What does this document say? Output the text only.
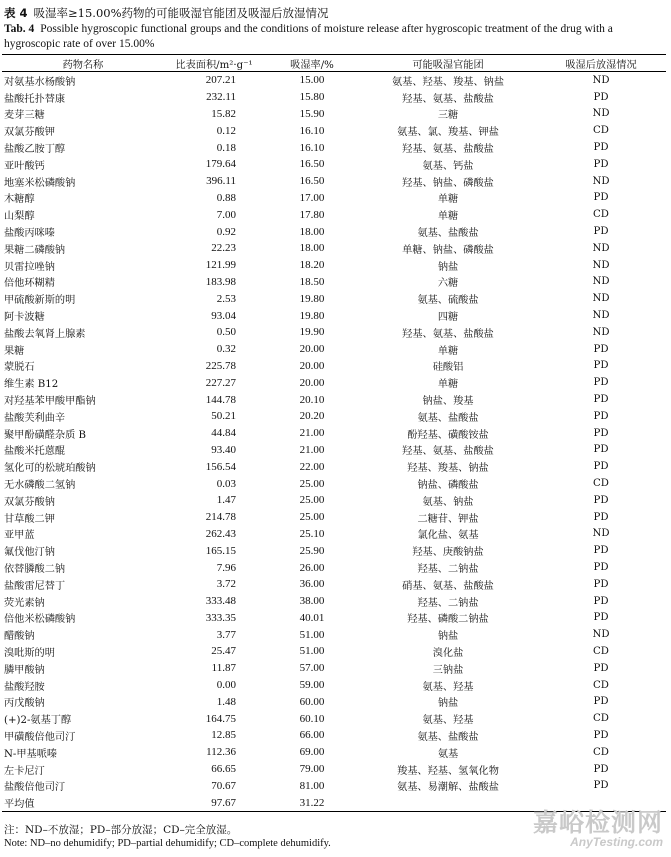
表 4 吸湿率≥15.00%药物的可能吸湿官能团及吸湿后放湿情况
Tab. 4 Possible hygroscopic functional groups and the conditions of moisture release after hygroscopic treatment of the drug with a hygroscopic rate of over 15.00%
药物名称	比表面积/m²·g⁻¹	吸湿率/%	可能吸湿官能团	吸湿后放湿情况
对氨基水杨酸钠	207.21	15.00	氨基、羟基、羧基、钠盐	ND
盐酸托扑替康	232.11	15.80	羟基、氨基、盐酸盐	PD
麦芽三糖	15.82	15.90	三糖	ND
双氯芬酸钾	0.12	16.10	氨基、氯、羧基、钾盐	CD
盐酸乙胺丁醇	0.18	16.10	羟基、氨基、盐酸盐	PD
亚叶酸钙	179.64	16.50	氨基、钙盐	PD
地塞米松磷酸钠	396.11	16.50	羟基、钠盐、磷酸盐	ND
木糖醇	0.88	17.00	单糖	PD
山梨醇	7.00	17.80	单糖	CD
盐酸丙咪嗪	0.92	18.00	氨基、盐酸盐	PD
果糖二磷酸钠	22.23	18.00	单糖、钠盐、磷酸盐	ND
贝雷拉唑钠	121.99	18.20	钠盐	ND
倍他环糊精	183.98	18.50	六糖	ND
甲硫酸新斯的明	2.53	19.80	氨基、硫酸盐	ND
阿卡波糖	93.04	19.80	四糖	ND
盐酸去氧肾上腺素	0.50	19.90	羟基、氨基、盐酸盐	ND
果糖	0.32	20.00	单糖	PD
蒙脱石	225.78	20.00	硅酸铝	PD
维生素 B12	227.27	20.00	单糖	PD
对羟基苯甲酸甲酯钠	144.78	20.10	钠盐、羧基	PD
盐酸芙利曲辛	50.21	20.20	氨基、盐酸盐	PD
聚甲酚磺醛杂质 B	44.84	21.00	酚羟基、磺酸铵盐	PD
盐酸米托蒽醌	93.40	21.00	羟基、氨基、盐酸盐	PD
氢化可的松琥珀酸钠	156.54	22.00	羟基、羧基、钠盐	PD
无水磷酸二氢钠	0.03	25.00	钠盐、磷酸盐	CD
双氯芬酸钠	1.47	25.00	氨基、钠盐	PD
甘草酸二钾	214.78	25.00	二糖苷、钾盐	PD
亚甲蓝	262.43	25.10	氯化盐、氨基	ND
氟伐他汀钠	165.15	25.90	羟基、庚酸钠盐	PD
依替膦酸二钠	7.96	26.00	羟基、二钠盐	PD
盐酸雷尼替丁	3.72	36.00	硝基、氨基、盐酸盐	PD
荧光素钠	333.48	38.00	羟基、二钠盐	PD
倍他米松磷酸钠	333.35	40.01	羟基、磷酸二钠盐	PD
醋酸钠	3.77	51.00	钠盐	ND
溴吡斯的明	25.47	51.00	溴化盐	CD
膦甲酸钠	11.87	57.00	三钠盐	PD
盐酸羟胺	0.00	59.00	氨基、羟基	CD
丙戊酸钠	1.48	60.00	钠盐	PD
(+)2-氨基丁醇	164.75	60.10	氨基、羟基	CD
甲磺酸倍他司汀	12.85	66.00	氨基、盐酸盐	PD
N-甲基哌嗪	112.36	69.00	氨基	CD
左卡尼汀	66.65	79.00	羧基、羟基、氢氧化物	PD
盐酸倍他司汀	70.67	81.00	氨基、易潮解、盐酸盐	PD
平均值	97.67	31.22		
注：ND–不放湿；PD–部分放湿；CD–完全放湿。
Note: ND–no dehumidify; PD–partial dehumidify; CD–complete dehumidify.
嘉峪检测网
AnyTesting.com
